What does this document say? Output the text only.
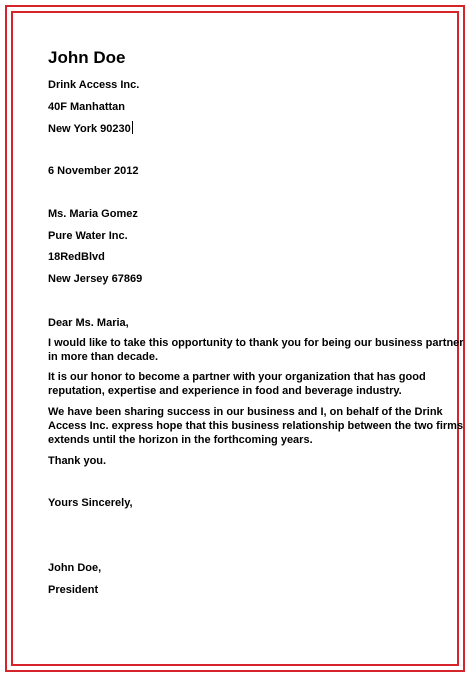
John Doe
Drink Access Inc.
40F Manhattan
New York 90230
6 November 2012
Ms. Maria Gomez
Pure Water Inc.
18RedBlvd
New Jersey 67869
Dear Ms. Maria,
I would like to take this opportunity to thank you for being our business partner
in more than decade.
It is our honor to become a partner with your organization that has good
reputation, expertise and experience in food and beverage industry.
We have been sharing success in our business and I, on behalf of the Drink
Access Inc. express hope that this business relationship between the two firms
extends until the horizon in the forthcoming years.
Thank you.
Yours Sincerely,
John Doe,
President
